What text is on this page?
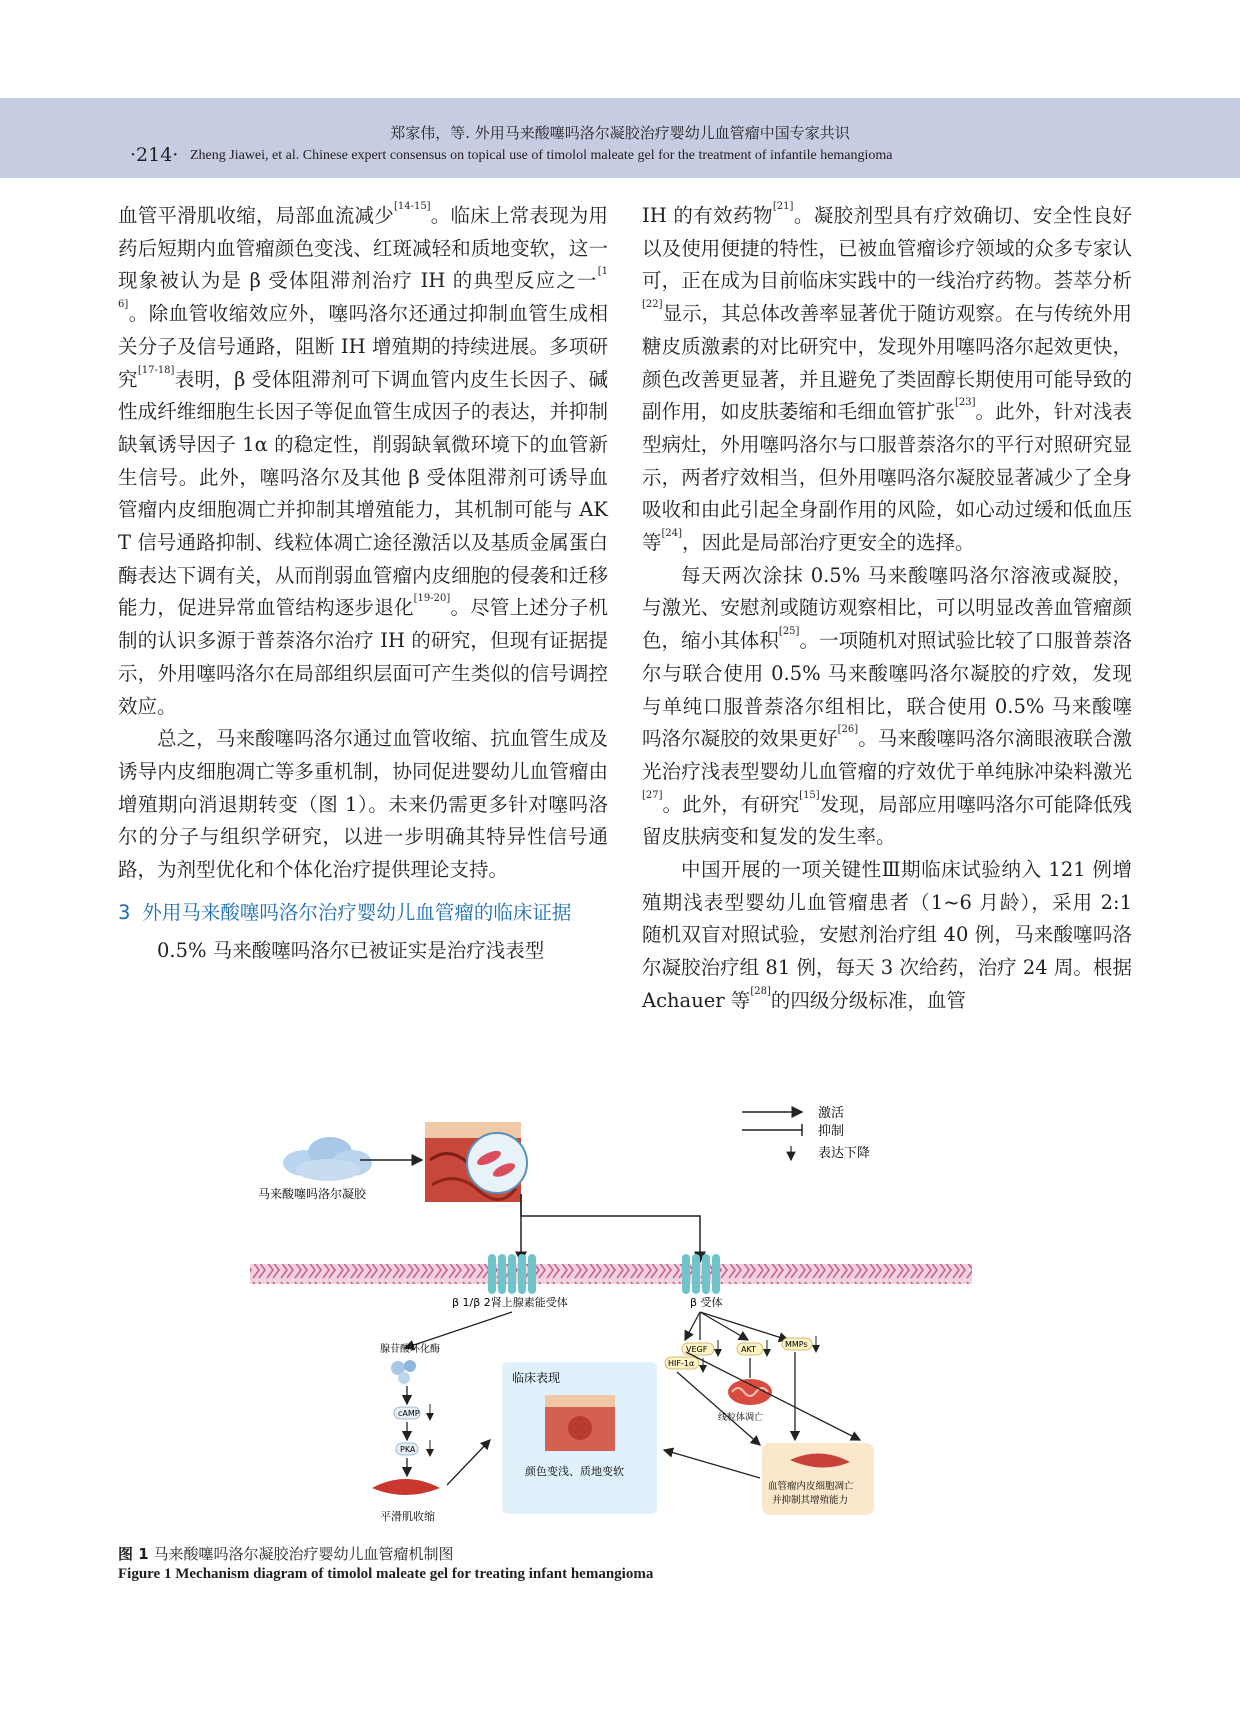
郑家伟，等. 外用马来酸噻吗洛尔凝胶治疗婴幼儿血管瘤中国专家共识
·214· Zheng Jiawei, et al. Chinese expert consensus on topical use of timolol maleate gel for the treatment of infantile hemangioma

血管平滑肌收缩，局部血流减少[14-15]。临床上常表现为用药后短期内血管瘤颜色变浅、红斑减轻和质地变软，这一现象被认为是 β 受体阻滞剂治疗 IH 的典型反应之一[16]。除血管收缩效应外，噻吗洛尔还通过抑制血管生成相关分子及信号通路，阻断 IH 增殖期的持续进展。多项研究[17-18]表明，β 受体阻滞剂可下调血管内皮生长因子、碱性成纤维细胞生长因子等促血管生成因子的表达，并抑制缺氧诱导因子 1α 的稳定性，削弱缺氧微环境下的血管新生信号。此外，噻吗洛尔及其他 β 受体阻滞剂可诱导血管瘤内皮细胞凋亡并抑制其增殖能力，其机制可能与 AKT 信号通路抑制、线粒体凋亡途径激活以及基质金属蛋白酶表达下调有关，从而削弱血管瘤内皮细胞的侵袭和迁移能力，促进异常血管结构逐步退化[19-20]。尽管上述分子机制的认识多源于普萘洛尔治疗 IH 的研究，但现有证据提示，外用噻吗洛尔在局部组织层面可产生类似的信号调控效应。

总之，马来酸噻吗洛尔通过血管收缩、抗血管生成及诱导内皮细胞凋亡等多重机制，协同促进婴幼儿血管瘤由增殖期向消退期转变（图 1）。未来仍需更多针对噻吗洛尔的分子与组织学研究，以进一步明确其特异性信号通路，为剂型优化和个体化治疗提供理论支持。

3 外用马来酸噻吗洛尔治疗婴幼儿血管瘤的临床证据

0.5% 马来酸噻吗洛尔已被证实是治疗浅表型

IH 的有效药物[21]。凝胶剂型具有疗效确切、安全性良好以及使用便捷的特性，已被血管瘤诊疗领域的众多专家认可，正在成为目前临床实践中的一线治疗药物。荟萃分析[22]显示，其总体改善率显著优于随访观察。在与传统外用糖皮质激素的对比研究中，发现外用噻吗洛尔起效更快，颜色改善更显著，并且避免了类固醇长期使用可能导致的副作用，如皮肤萎缩和毛细血管扩张[23]。此外，针对浅表型病灶，外用噻吗洛尔与口服普萘洛尔的平行对照研究显示，两者疗效相当，但外用噻吗洛尔凝胶显著减少了全身吸收和由此引起全身副作用的风险，如心动过缓和低血压等[24]，因此是局部治疗更安全的选择。

每天两次涂抹 0.5% 马来酸噻吗洛尔溶液或凝胶，与激光、安慰剂或随访观察相比，可以明显改善血管瘤颜色，缩小其体积[25]。一项随机对照试验比较了口服普萘洛尔与联合使用 0.5% 马来酸噻吗洛尔凝胶的疗效，发现与单纯口服普萘洛尔组相比，联合使用 0.5% 马来酸噻吗洛尔凝胶的效果更好[26]。马来酸噻吗洛尔滴眼液联合激光治疗浅表型婴幼儿血管瘤的疗效优于单纯脉冲染料激光[27]。此外，有研究[15]发现，局部应用噻吗洛尔可能降低残留皮肤病变和复发的发生率。

中国开展的一项关键性Ⅲ期临床试验纳入 121 例增殖期浅表型婴幼儿血管瘤患者（1~6 月龄），采用 2:1 随机双盲对照试验，安慰剂治疗组 40 例，马来酸噻吗洛尔凝胶治疗组 81 例，每天 3 次给药，治疗 24 周。根据 Achauer 等[28]的四级分级标准，血管

激活
抑制
表达下降
马来酸噻吗洛尔凝胶
β 1/β 2肾上腺素能受体	β 受体
腺苷酸环化酶
cAMP
PKA
平滑肌收缩
临床表现
颜色变浅、质地变软
VEGF
HIF-1α
AKT
MMPs
线粒体凋亡
血管瘤内皮细胞凋亡
并抑制其增殖能力
图 1 马来酸噻吗洛尔凝胶治疗婴幼儿血管瘤机制图
Figure 1 Mechanism diagram of timolol maleate gel for treating infant hemangioma
